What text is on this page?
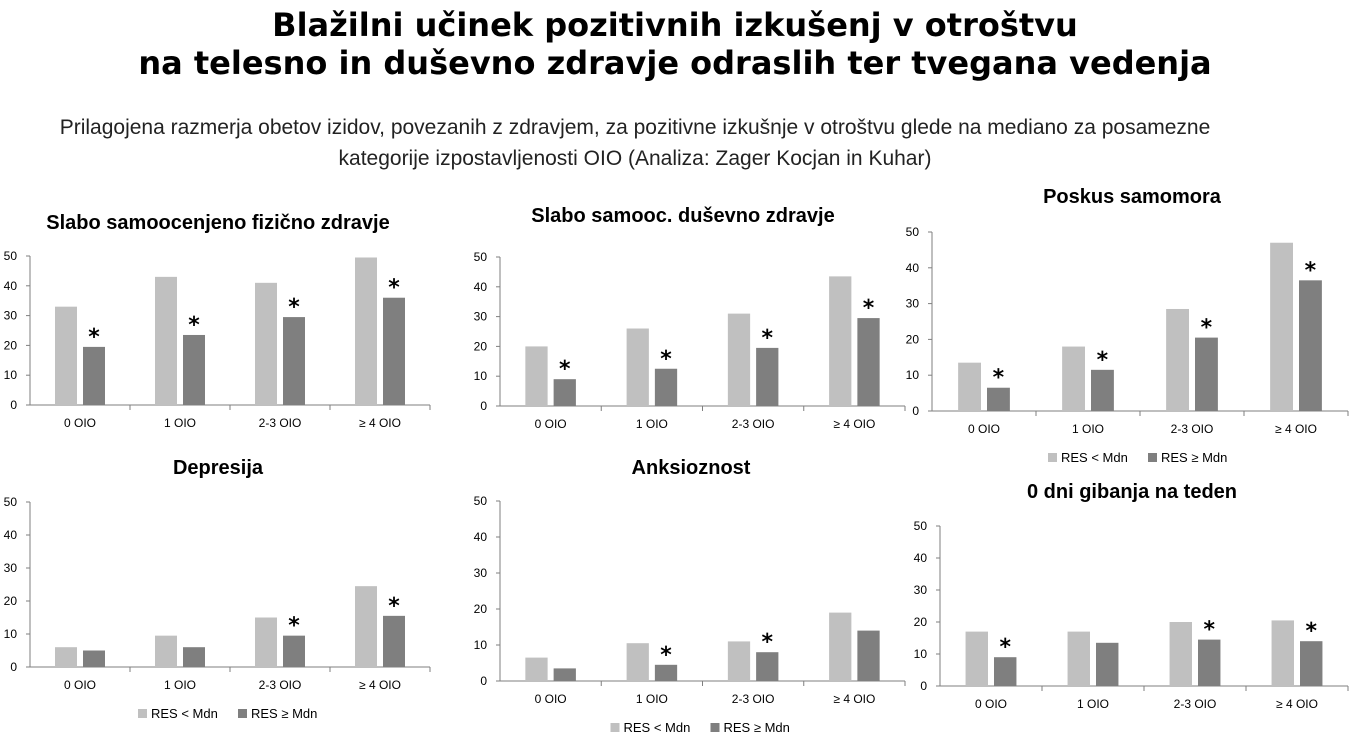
Blažilni učinek pozitivnih izkušenj v otroštvu
na telesno in duševno zdravje odraslih ter tvegana vedenja
Prilagojena razmerja obetov izidov, povezanih z zdravjem, za pozitivne izkušnje v otroštvu glede na mediano za posamezne
kategorije izpostavljenosti OIO (Analiza: Zager Kocjan in Kuhar)
Slabo samoocenjeno fizično zdravje
0
10
20
30
40
50
*
0 OIO
*
1 OIO
*
2-3 OIO
*
≥ 4 OIO
Slabo samooc. duševno zdravje
0
10
20
30
40
50
*
0 OIO
*
1 OIO
*
2-3 OIO
*
≥ 4 OIO
Poskus samomora
0
10
20
30
40
50
*
0 OIO
*
1 OIO
*
2-3 OIO
*
≥ 4 OIO
RES < Mdn	RES ≥ Mdn
Depresija
0
10
20
30
40
50
0 OIO	1 OIO
*
2-3 OIO
*
≥ 4 OIO
RES < Mdn	RES ≥ Mdn
Anksioznost
0
10
20
30
40
50
0 OIO
*
1 OIO
*
2-3 OIO	≥ 4 OIO
RES < Mdn	RES ≥ Mdn
0 dni gibanja na teden
0
10
20
30
40
50
*
0 OIO	1 OIO
*
2-3 OIO
*
≥ 4 OIO
